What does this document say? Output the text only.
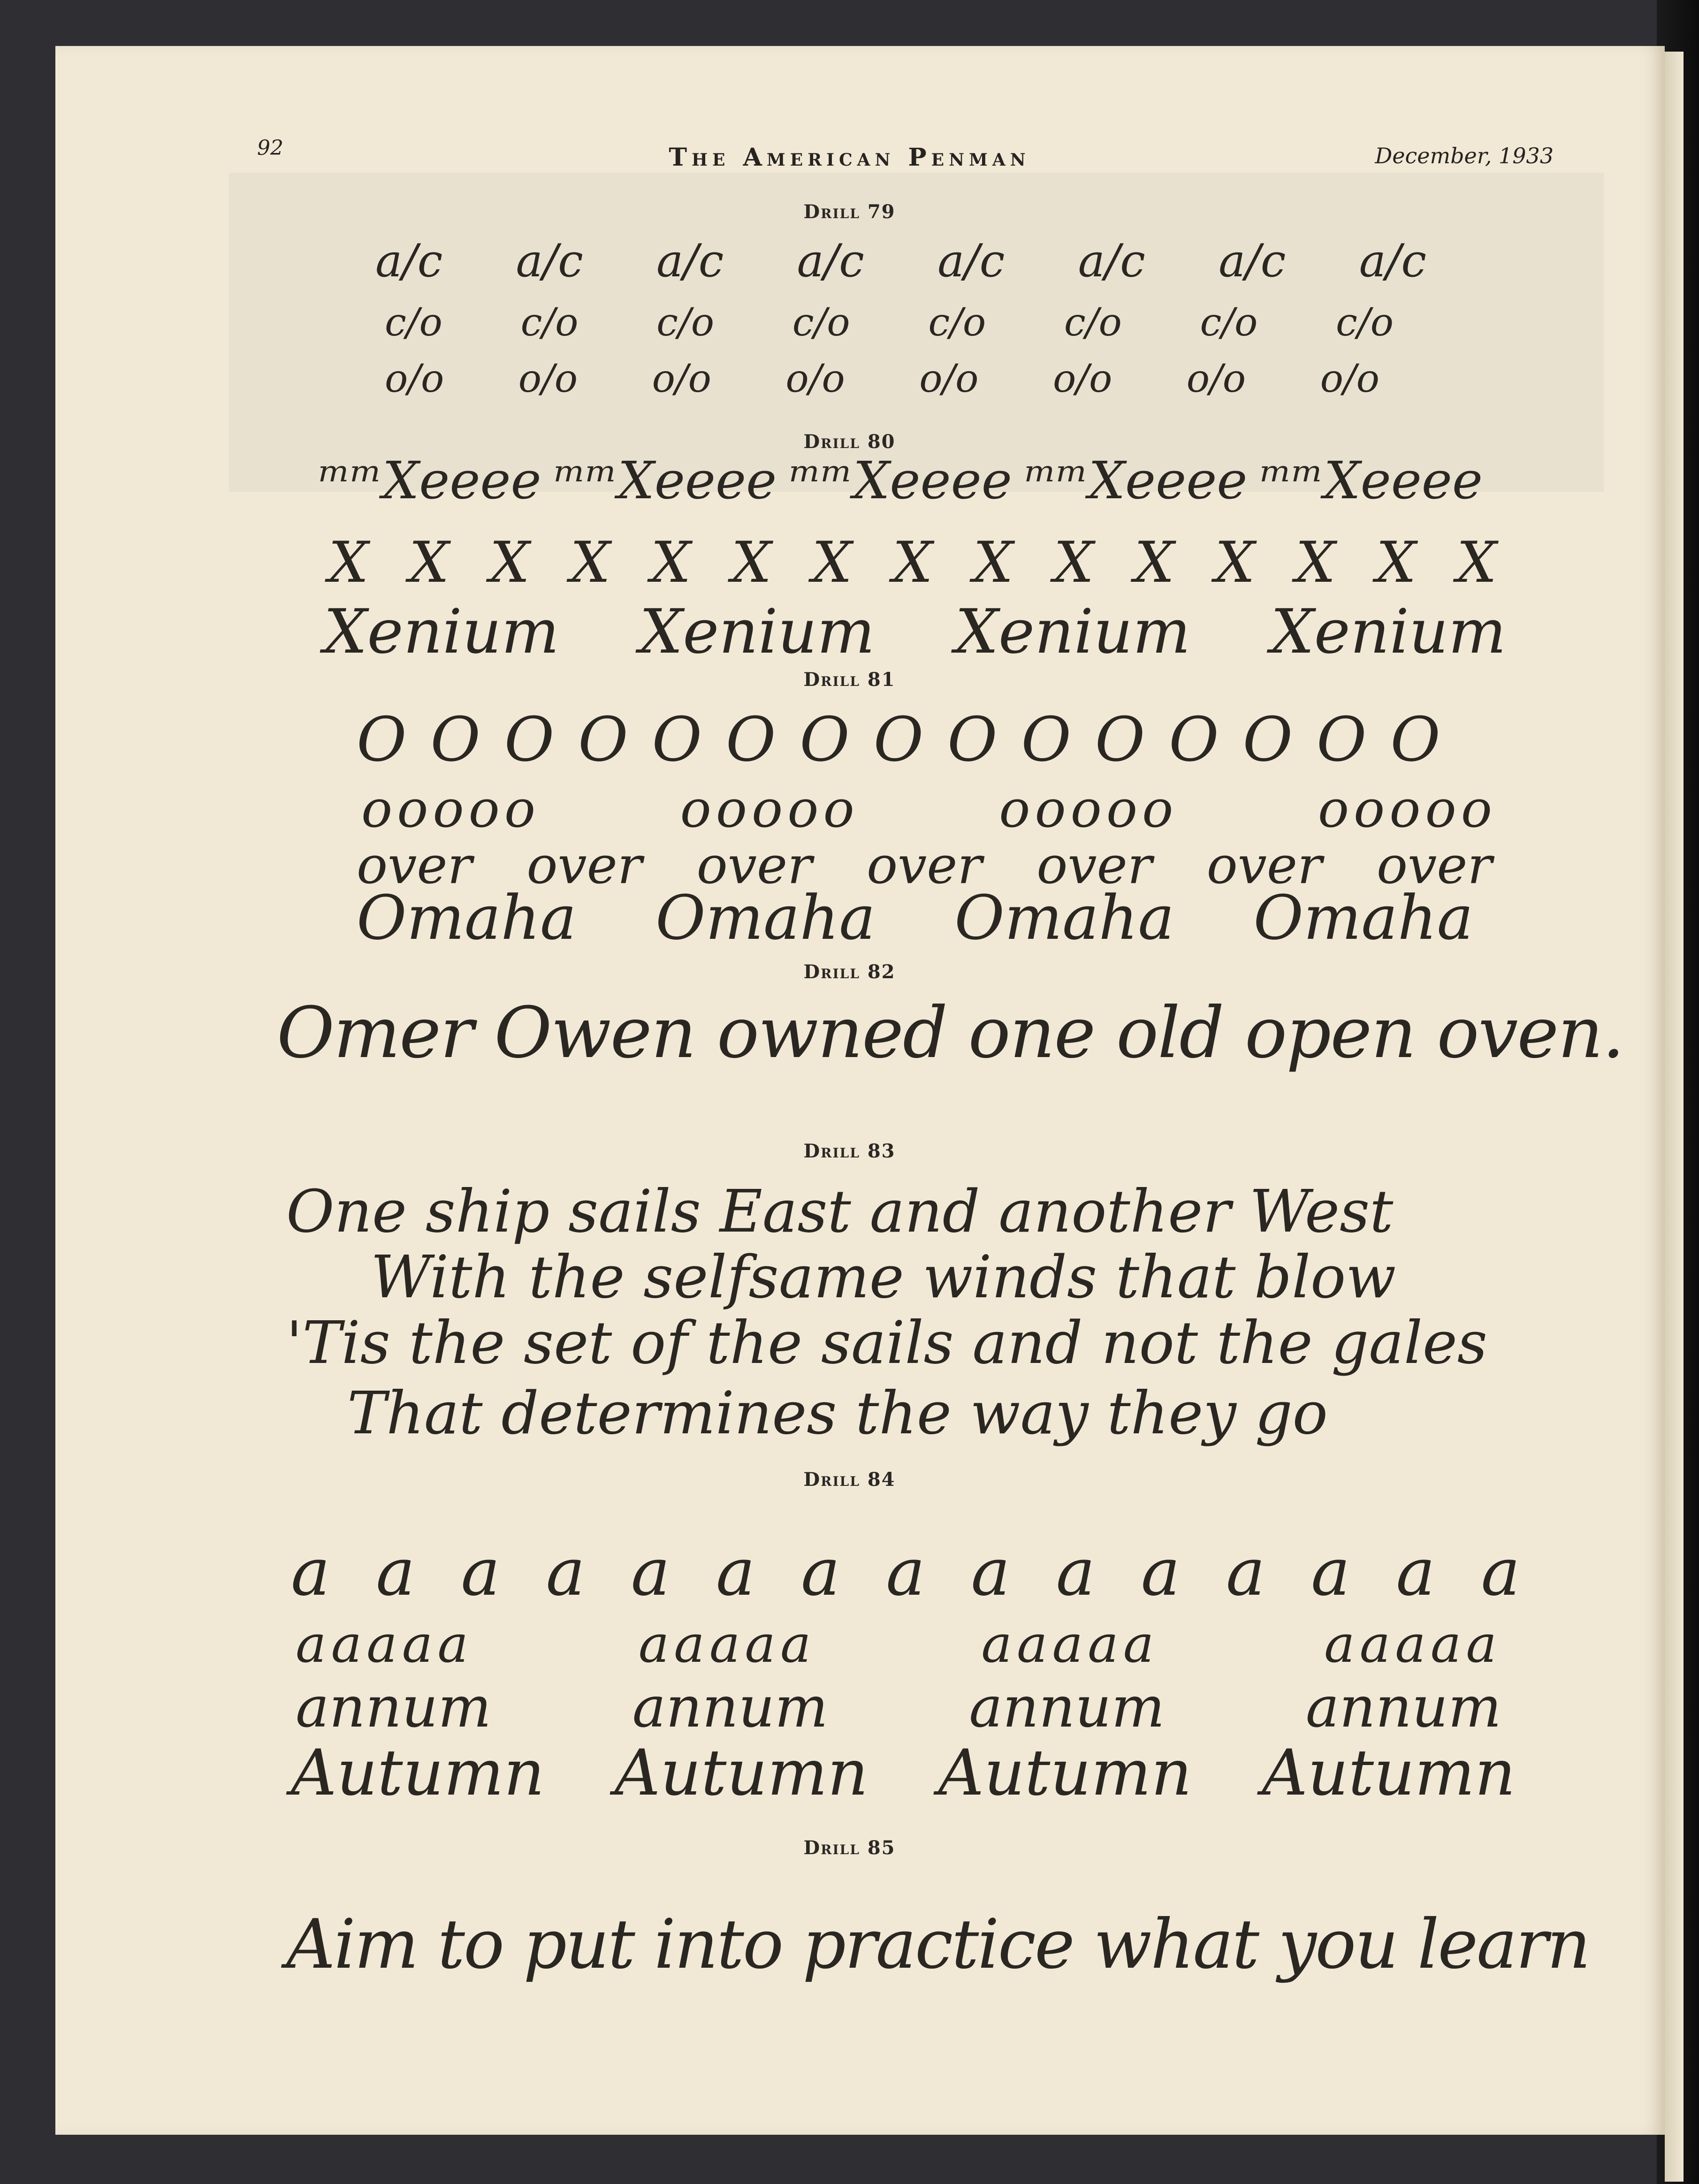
92	The American Penman	December, 1933
Drill 79
a/c a/c a/c a/c a/c a/c a/c a/c
c/o c/o c/o c/o c/o c/o c/o c/o
o/o o/o o/o o/o o/o o/o o/o o/o
Drill 80
ᵐᵐXeeee ᵐᵐXeeee ᵐᵐXeeee ᵐᵐXeeee ᵐᵐXeeee
X X X X X X X X X X X X X X X
Xenium Xenium Xenium Xenium
Drill 81
O O O O O O O O O O O O O O O
ooooo	ooooo	ooooo	ooooo
over over over over over over over
Omaha Omaha Omaha Omaha
Drill 82
Omer Owen owned one old open oven.
Drill 83
One ship sails East and another West
With the selfsame winds that blow
'Tis the set of the sails and not the gales
That determines the way they go
Drill 84
a a a a a a a a a a a a a a a
aaaaa	aaaaa	aaaaa	aaaaa
annum	annum	annum	annum
Autumn Autumn Autumn Autumn
Drill 85
Aim to put into practice what you learn
